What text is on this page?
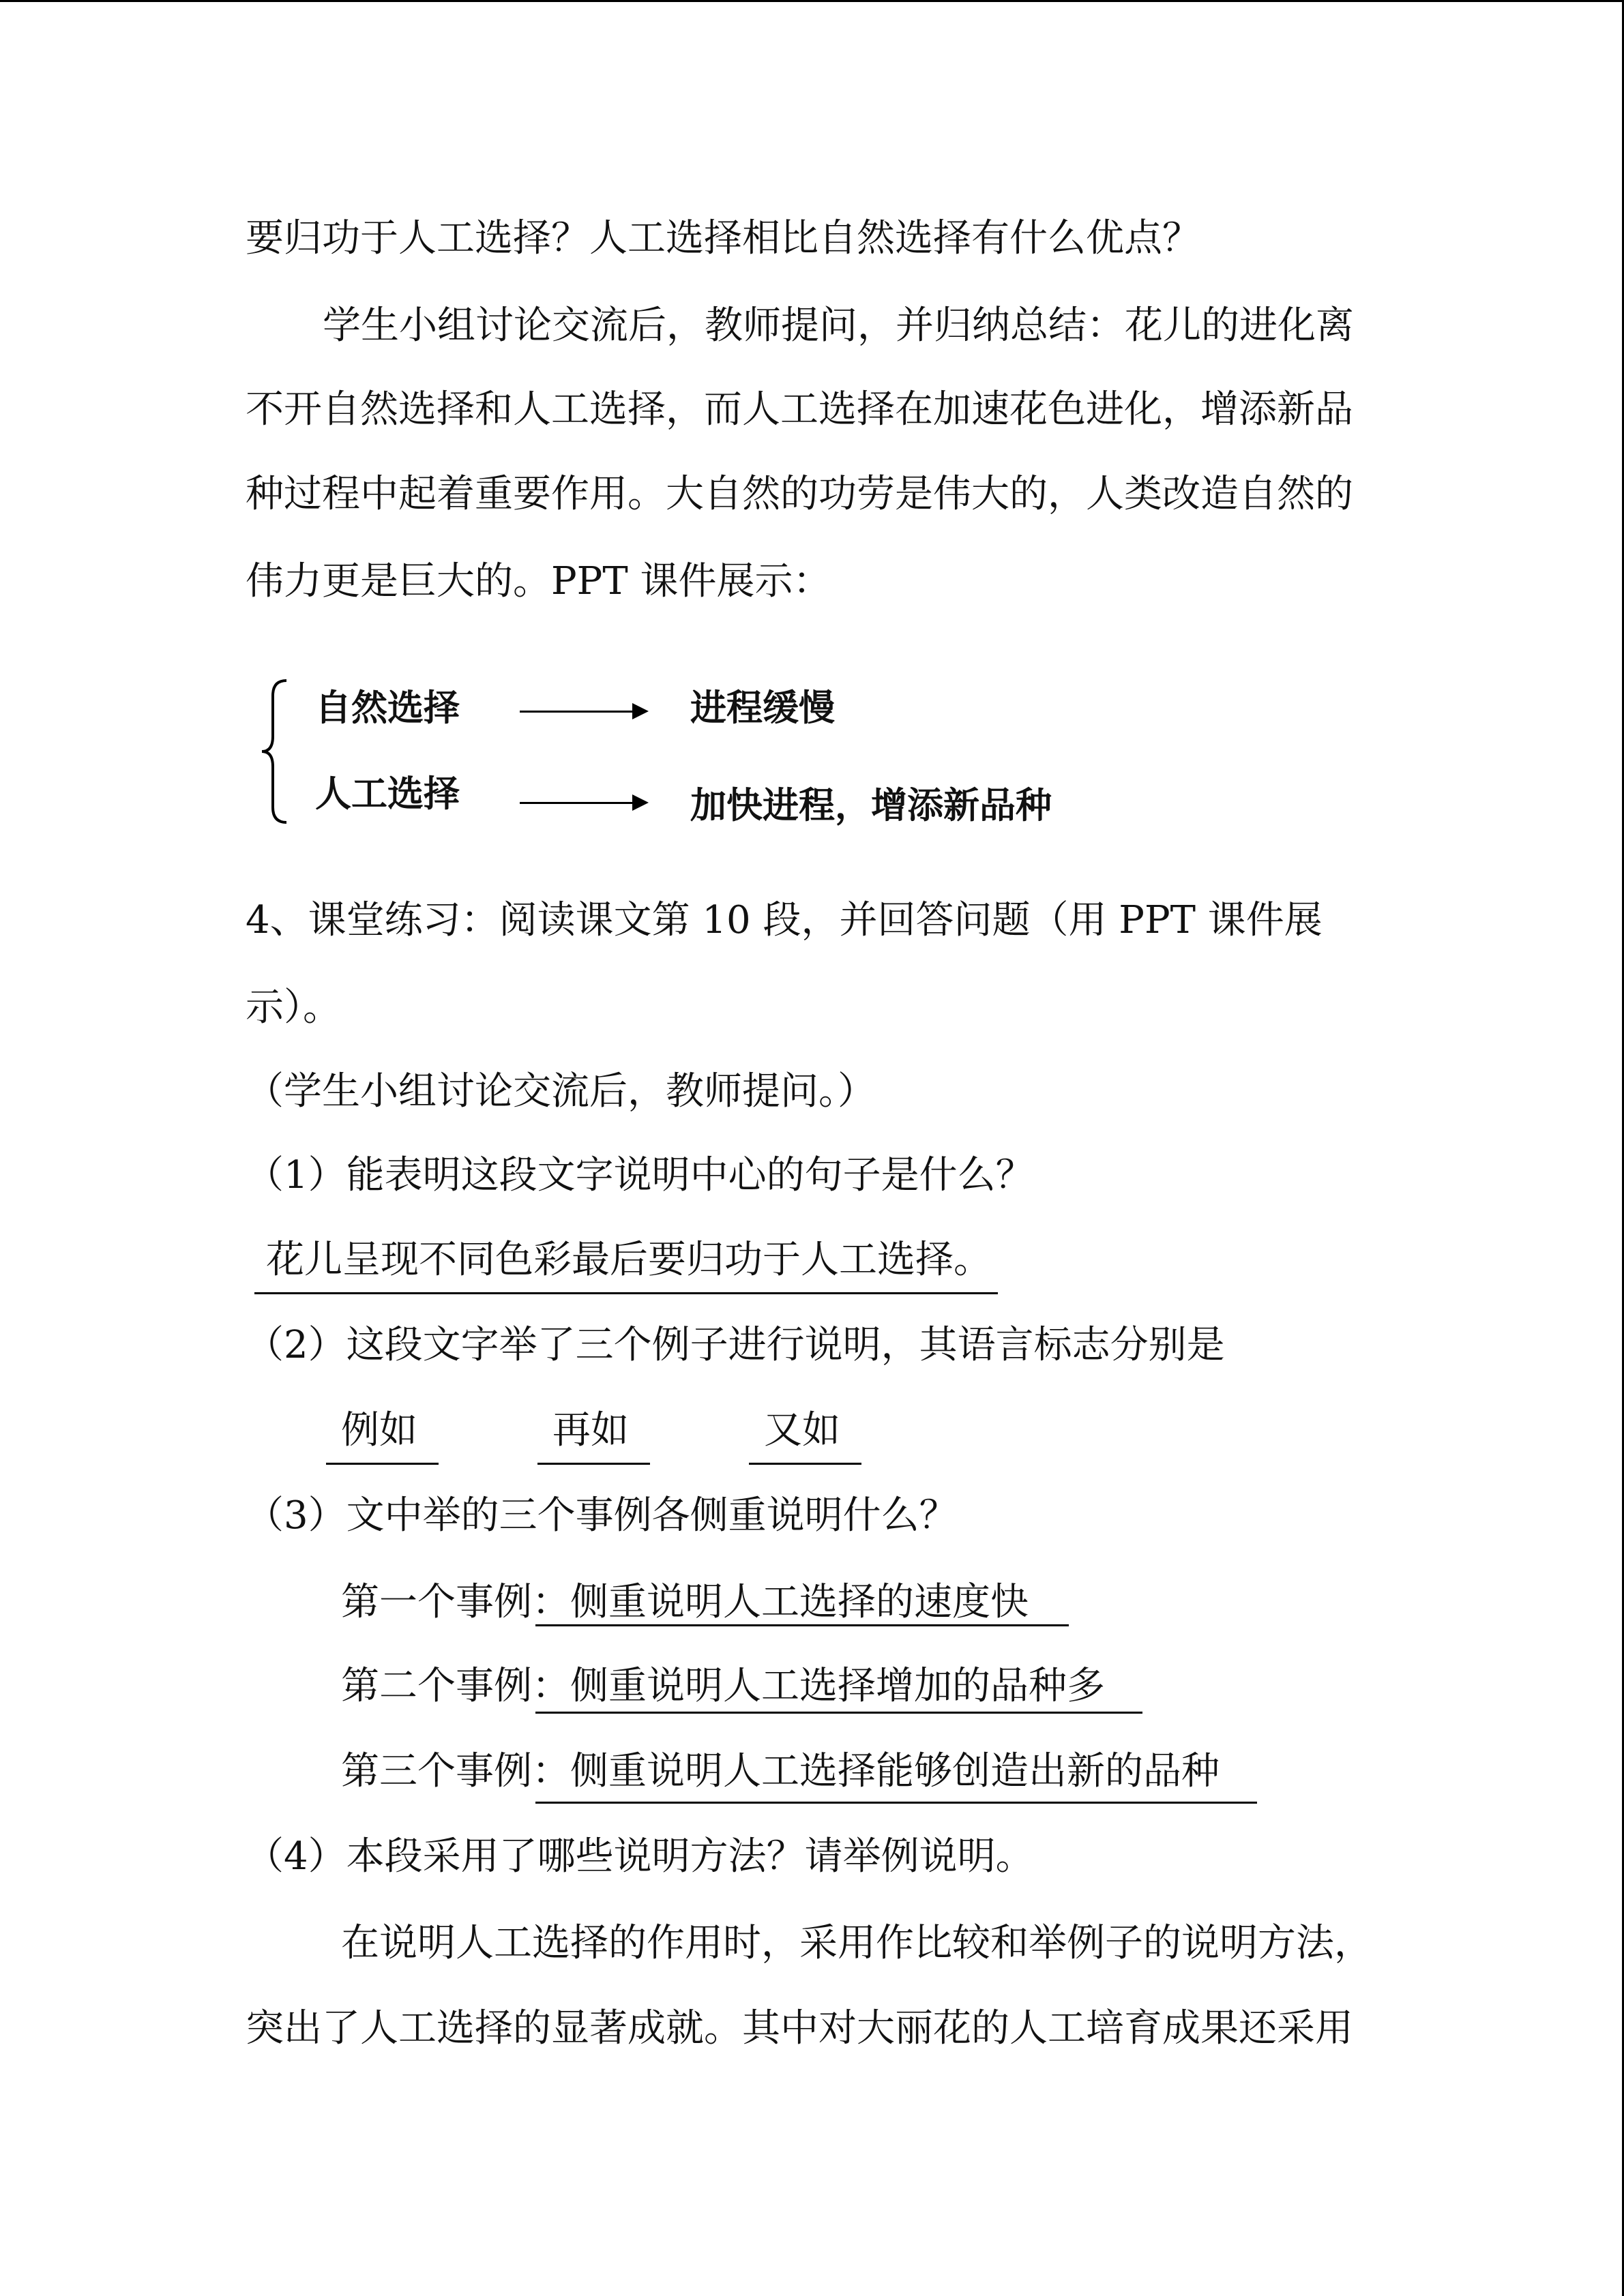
要归功于人工选择？人工选择相比自然选择有什么优点？
学生小组讨论交流后，教师提问，并归纳总结：花儿的进化离
不开自然选择和人工选择，而人工选择在加速花色进化，增添新品
种过程中起着重要作用。大自然的功劳是伟大的，人类改造自然的
伟力更是巨大的。PPT 课件展示：
自然选择	进程缓慢
人工选择	加快进程，增添新品种
4、课堂练习：阅读课文第 10 段，并回答问题（用 PPT 课件展
示）。
（学生小组讨论交流后，教师提问。）
（1）能表明这段文字说明中心的句子是什么？
花儿呈现不同色彩最后要归功于人工选择。
（2）这段文字举了三个例子进行说明，其语言标志分别是
例如	再如	又如
（3）文中举的三个事例各侧重说明什么？
第一个事例： 侧重说明人工选择的速度快
第二个事例： 侧重说明人工选择增加的品种多
第三个事例： 侧重说明人工选择能够创造出新的品种
（4）本段采用了哪些说明方法？请举例说明。
在说明人工选择的作用时，采用作比较和举例子的说明方法，
突出了人工选择的显著成就。其中对大丽花的人工培育成果还采用
